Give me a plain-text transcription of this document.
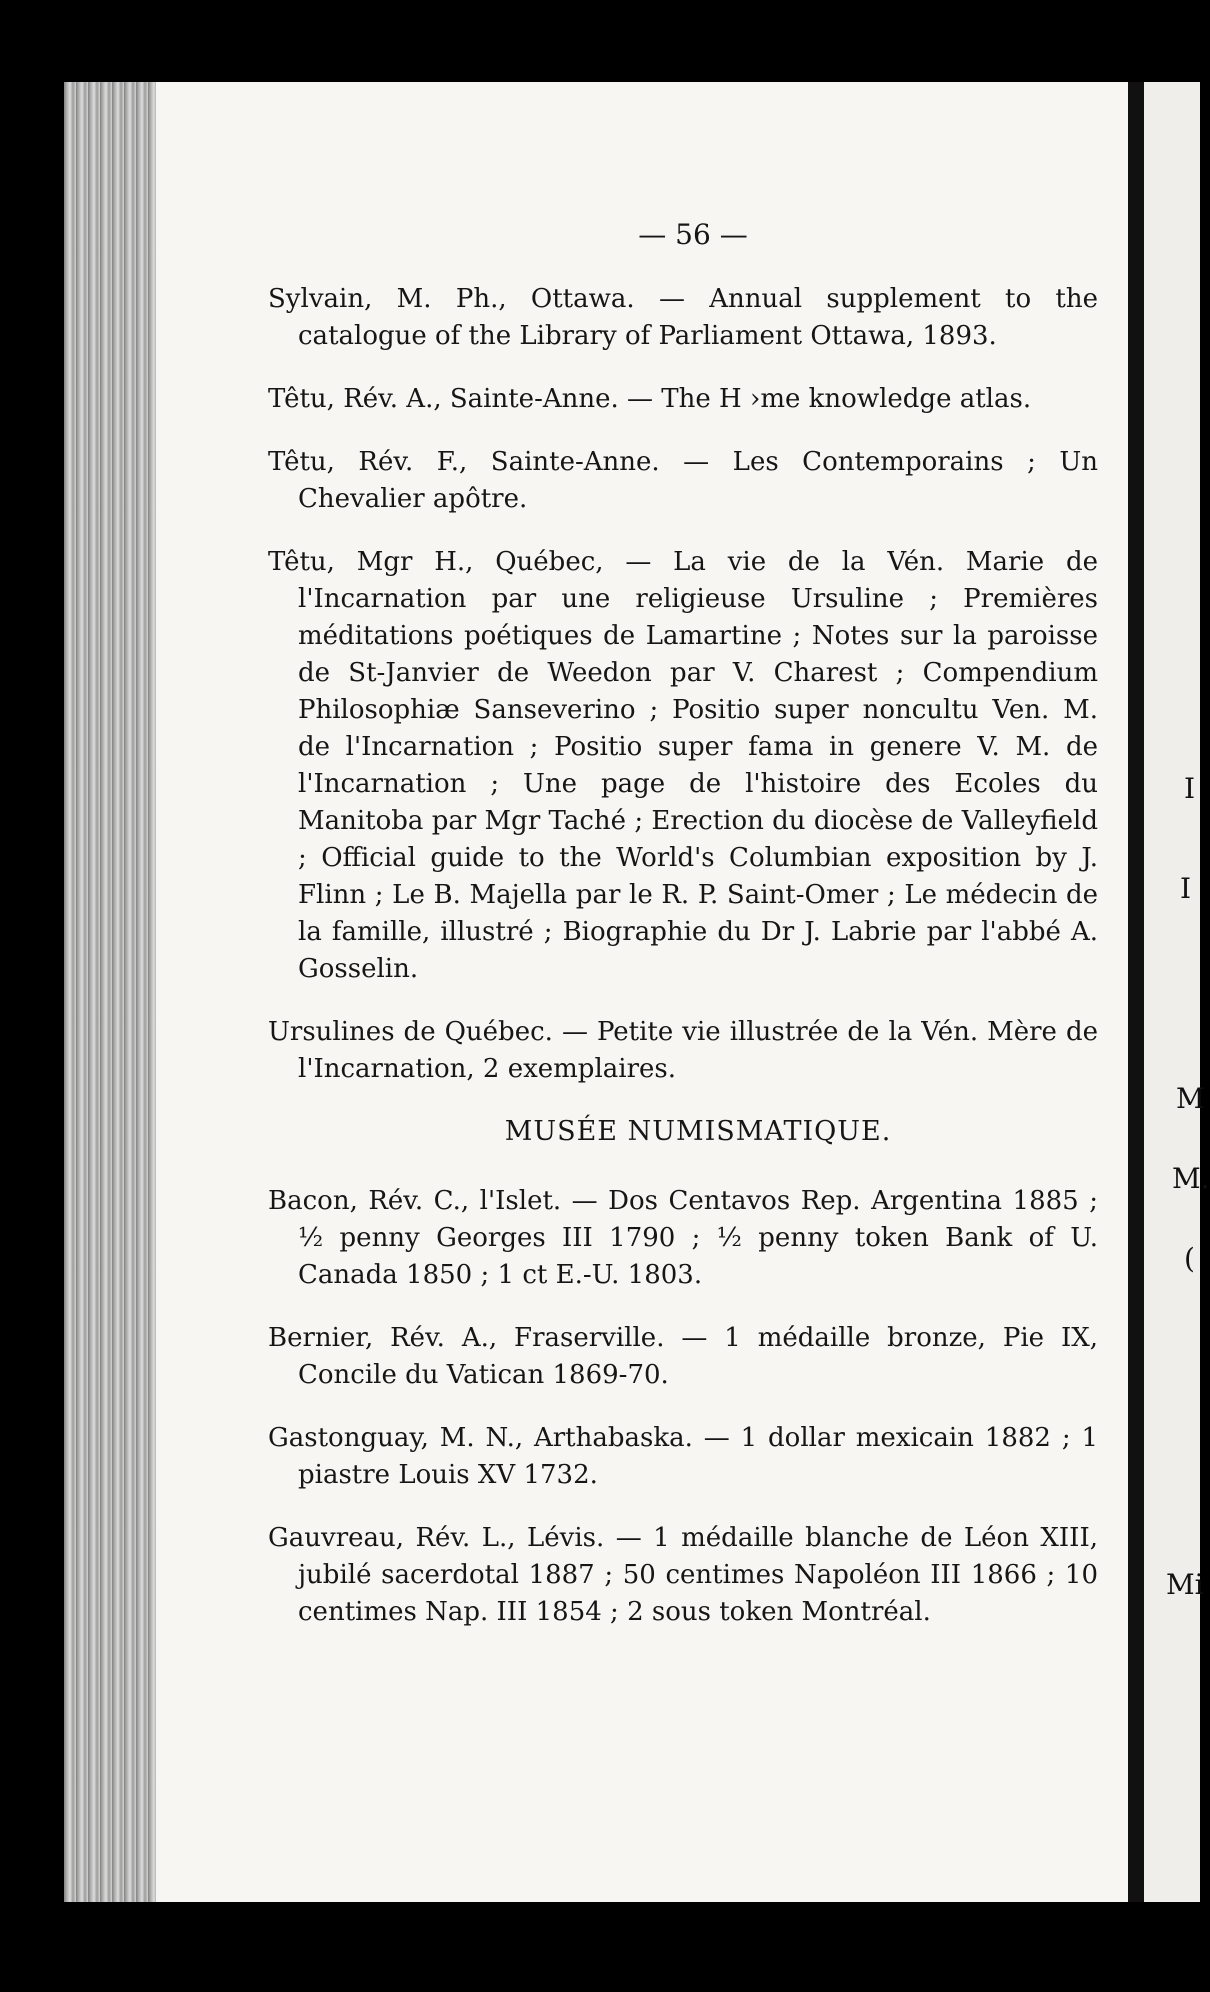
I
I
M
M.
(
Mi
— 56 —

Sylvain, M. Ph., Ottawa. — Annual supplement to the catalogue of the Library of Parliament Ottawa, 1893.

Têtu, Rév. A., Sainte-Anne. — The H ›me knowledge atlas.

Têtu, Rév. F., Sainte-Anne. — Les Contemporains ; Un Chevalier apôtre.

Têtu, Mgr H., Québec, — La vie de la Vén. Marie de l'Incarnation par une religieuse Ursuline ; Premières méditations poétiques de Lamartine ; Notes sur la paroisse de St-Janvier de Weedon par V. Charest ; Compendium Philosophiæ Sanseverino ; Positio super noncultu Ven. M. de l'Incarnation ; Positio super fama in genere V. M. de l'Incarnation ; Une page de l'histoire des Ecoles du Manitoba par Mgr Taché ; Erection du diocèse de Valleyfield ; Official guide to the World's Columbian exposition by J. Flinn ; Le B. Majella par le R. P. Saint-Omer ; Le médecin de la famille, illustré ; Biographie du Dr J. Labrie par l'abbé A. Gosselin.

Ursulines de Québec. — Petite vie illustrée de la Vén. Mère de l'Incarnation, 2 exemplaires.

MUSÉE NUMISMATIQUE.

Bacon, Rév. C., l'Islet. — Dos Centavos Rep. Argentina 1885 ; ½ penny Georges III 1790 ; ½ penny token Bank of U. Canada 1850 ; 1 ct E.-U. 1803.

Bernier, Rév. A., Fraserville. — 1 médaille bronze, Pie IX, Concile du Vatican 1869-70.

Gastonguay, M. N., Arthabaska. — 1 dollar mexicain 1882 ; 1 piastre Louis XV 1732.

Gauvreau, Rév. L., Lévis. — 1 médaille blanche de Léon XIII, jubilé sacerdotal 1887 ; 50 centimes Napoléon III 1866 ; 10 centimes Nap. III 1854 ; 2 sous token Montréal.
